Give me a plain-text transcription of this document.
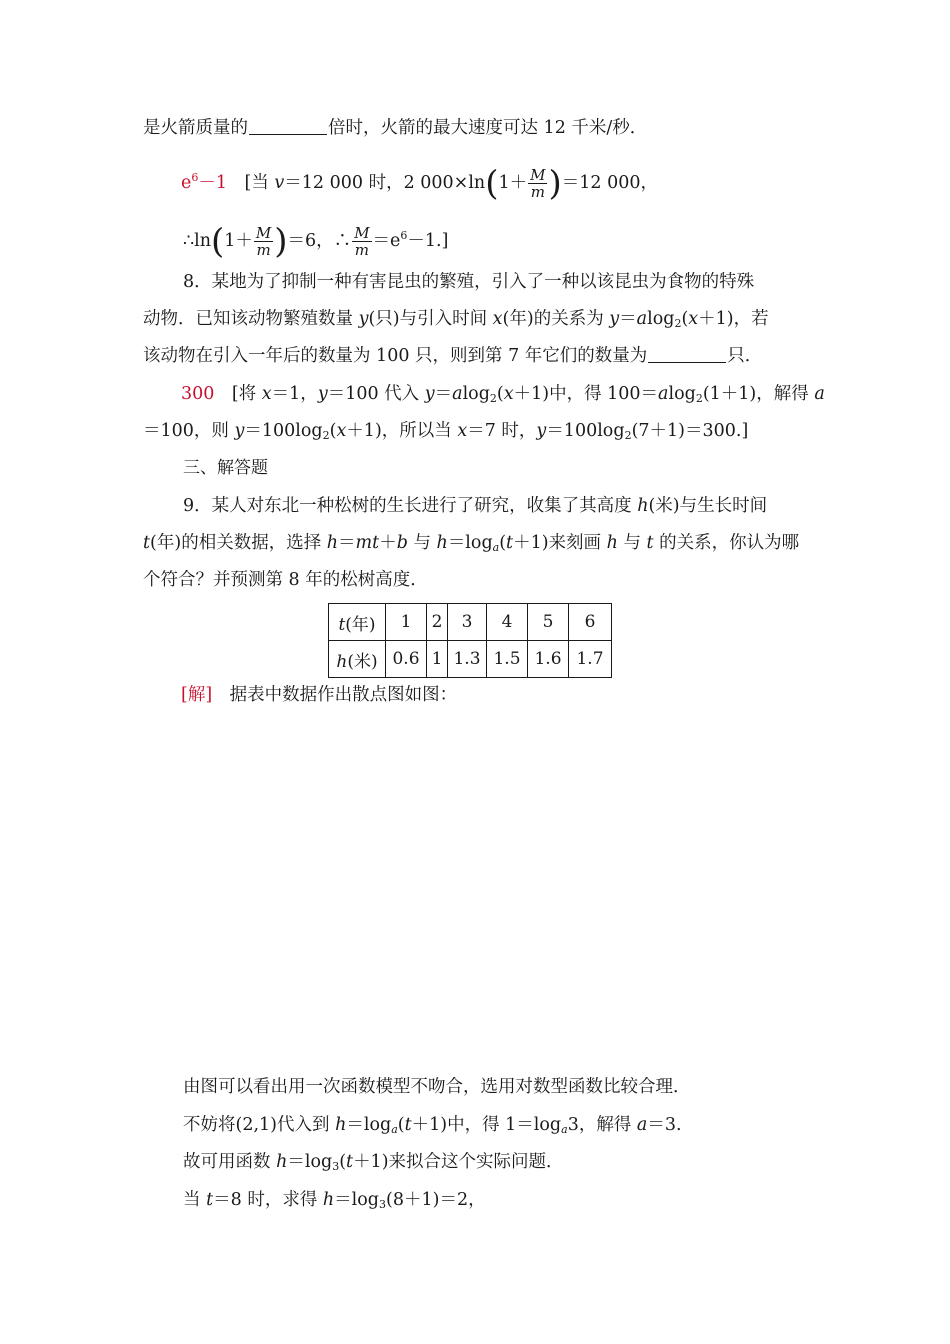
是火箭质量的	倍时，火箭的最大速度可达 12 千米/秒．
$e^6-1$　 [当 v＝12 000 时，2 $000\times\ln(1+ \frac{M}{m} )=12$ 000，
∴ln(1＋ $\frac{M}{m} )=6$，∴ $\frac{M}{m} =e^6-1$.]
8．某地为了抑制一种有害昆虫的繁殖，引入了一种以该昆虫为食物的特殊
动物．已知该动物繁殖数量 y(只)与引入时间 x(年)的关系为 y＝alog$_2$(x＋1)，若
该动物在引入一年后的数量为 100 只，则到第 7 年它们的数量为	只．
300　 [将 x＝1，y＝100 代入 y＝alog$_2$(x＋1)中，得 100＝alog$_2$(1＋1)，解得 a
＝100，则 $y=100\log_2(x+1)$，所以当 x＝7 时，$y=100\log_2(7+1)=300$.]
三、解答题
9．某人对东北一种松树的生长进行了研究，收集了其高度 h(米)与生长时间
t(年)的相关数据，选择 h＝mt＋b 与 $h=\log_a(t+1)$来刻画 h 与 t 的关系，你认为哪
个符合？并预测第 8 年的松树高度．
t(年)	1	2	3	4	5	6
h(米)	0.6	1	1.3	1.5	1.6	1.7
[解]　 据表中数据作出散点图如图：
由图可以看出用一次函数模型不吻合，选用对数型函数比较合理．
不妨将(2,1)代入到 $h=\log_a(t+1)$中，得 $1=\log_a3$，解得 a＝3.
故可用函数 $h=\log_3(t+1)$来拟合这个实际问题．
当 t＝8 时，求得 $h=\log_3(8+1)=2$，
